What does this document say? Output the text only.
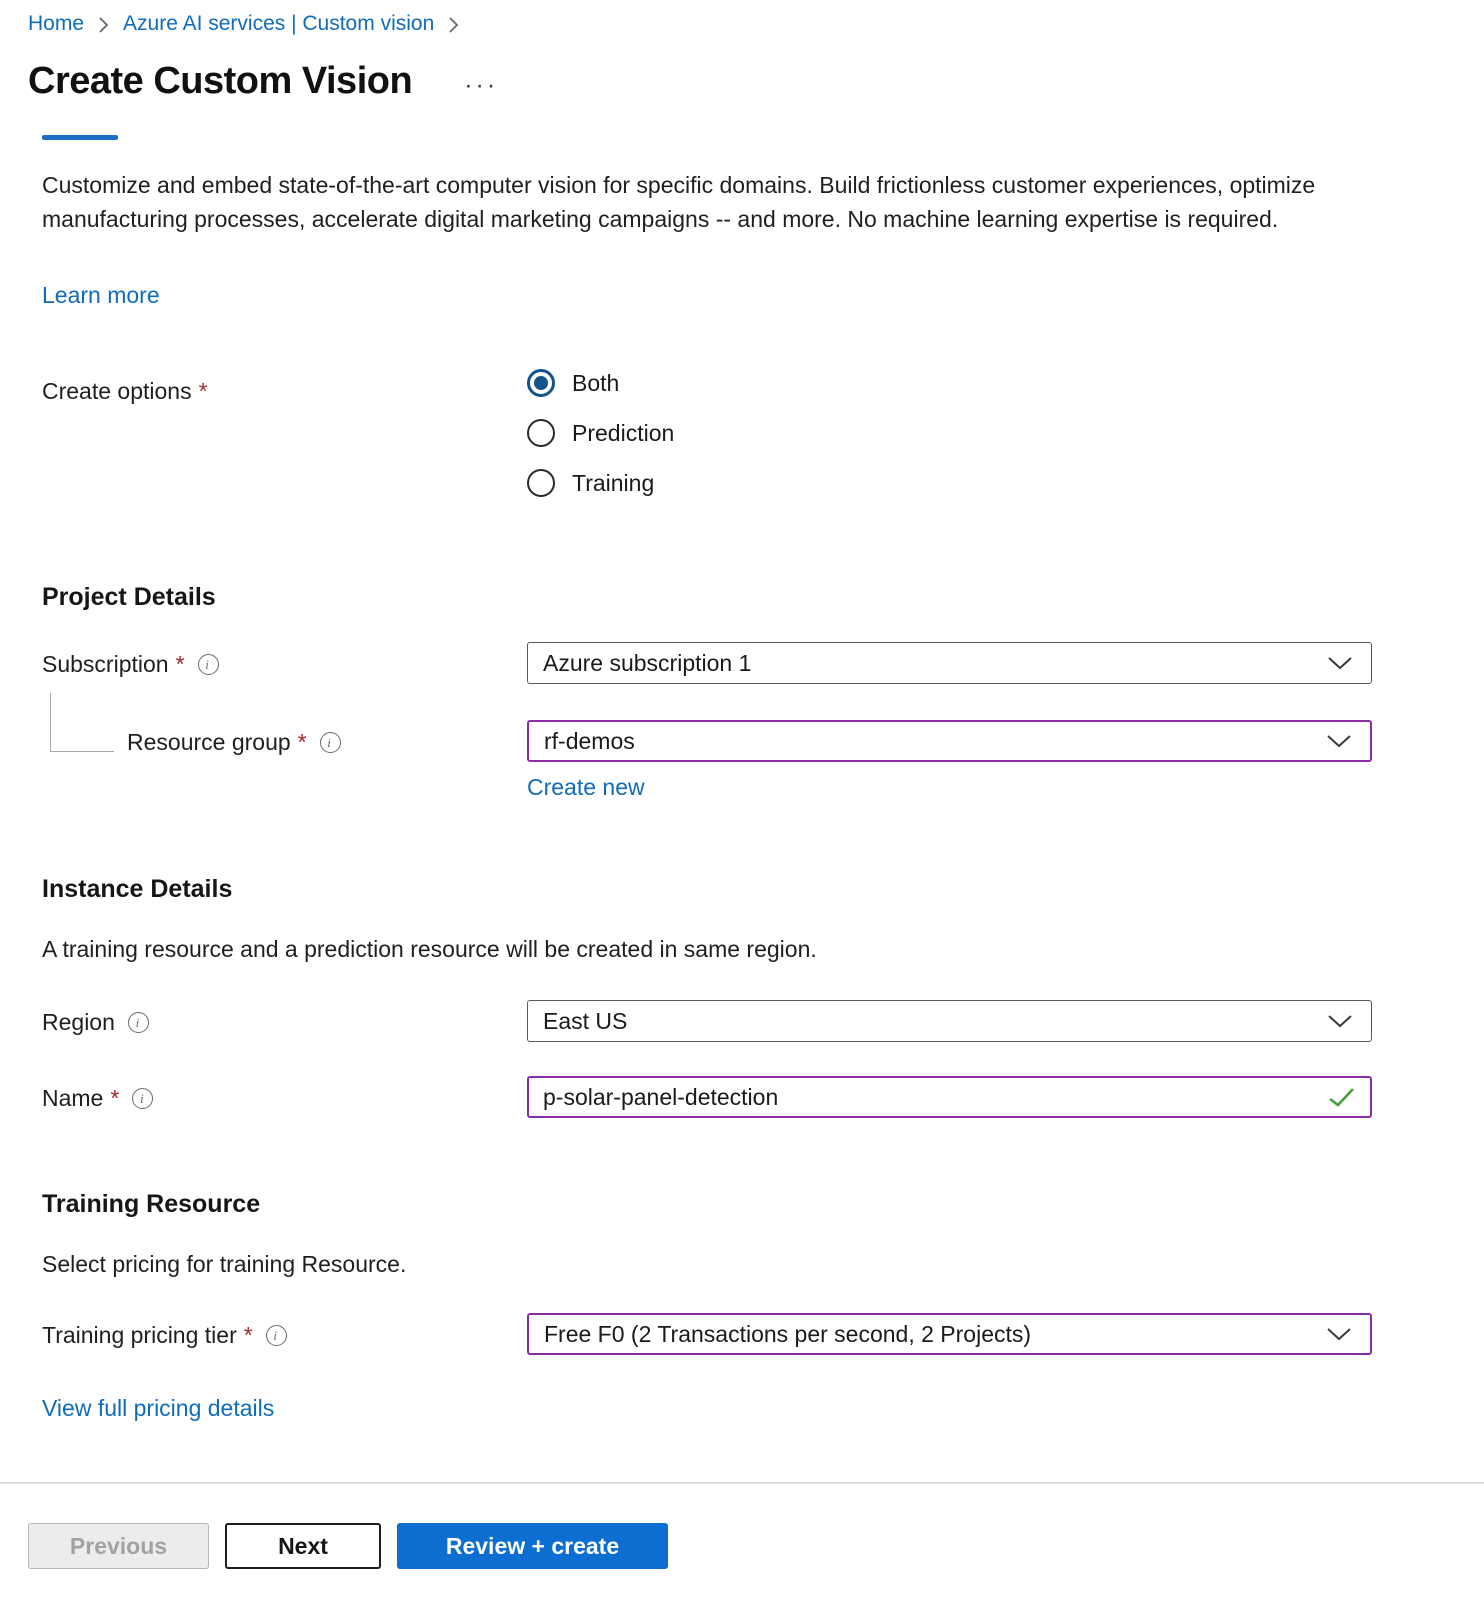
Home Azure AI services | Custom vision
Create Custom Vision ···
Customize and embed state-of-the-art computer vision for specific domains. Build frictionless customer experiences, optimize manufacturing processes, accelerate digital marketing campaigns -- and more. No machine learning expertise is required.
Learn more
Create options *	Both
Prediction
Training
Project Details
Subscription *	i	Azure subscription 1
Resource group *	i	rf-demos
Create new
Instance Details
A training resource and a prediction resource will be created in same region.
Region	i	East US
Name *	i
p-solar-panel-detection
Training Resource
Select pricing for training Resource.
Training pricing tier *	i	Free F0 (2 Transactions per second, 2 Projects)
View full pricing details
Previous	Next	Review + create
